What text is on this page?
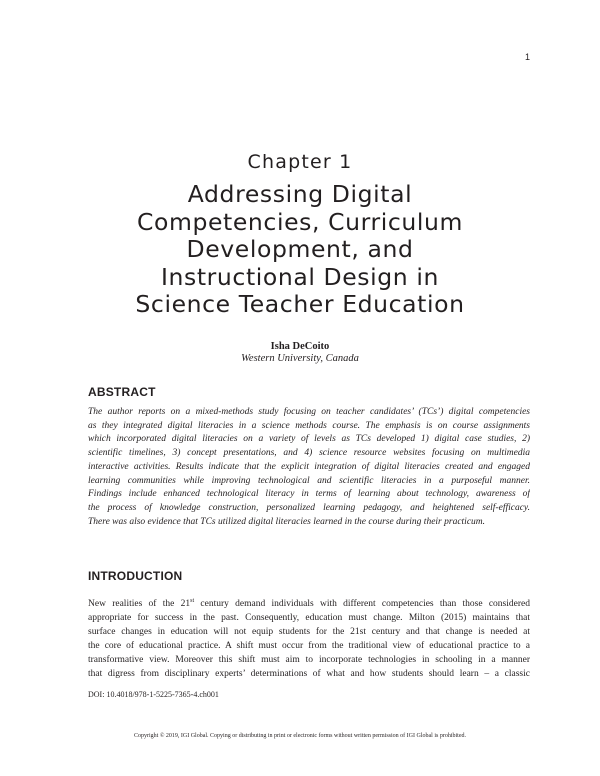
1
Chapter 1
Addressing Digital
Competencies, Curriculum
Development, and
Instructional Design in
Science Teacher Education
Isha DeCoito
Western University, Canada
ABSTRACT
The author reports on a mixed-methods study focusing on teacher candidates’ (TCs’) digital competencies
as they integrated digital literacies in a science methods course. The emphasis is on course assignments
which incorporated digital literacies on a variety of levels as TCs developed 1) digital case studies, 2)
scientific timelines, 3) concept presentations, and 4) science resource websites focusing on multimedia
interactive activities. Results indicate that the explicit integration of digital literacies created and engaged
learning communities while improving technological and scientific literacies in a purposeful manner.
Findings include enhanced technological literacy in terms of learning about technology, awareness of
the process of knowledge construction, personalized learning pedagogy, and heightened self-efficacy.
There was also evidence that TCs utilized digital literacies learned in the course during their practicum.
INTRODUCTION
New realities of the 21st century demand individuals with different competencies than those considered
appropriate for success in the past. Consequently, education must change. Milton (2015) maintains that
surface changes in education will not equip students for the 21st century and that change is needed at
the core of educational practice. A shift must occur from the traditional view of educational practice to a
transformative view. Moreover this shift must aim to incorporate technologies in schooling in a manner
that digress from disciplinary experts’ determinations of what and how students should learn – a classic
DOI: 10.4018/978-1-5225-7365-4.ch001
Copyright © 2019, IGI Global. Copying or distributing in print or electronic forms without written permission of IGI Global is prohibited.
